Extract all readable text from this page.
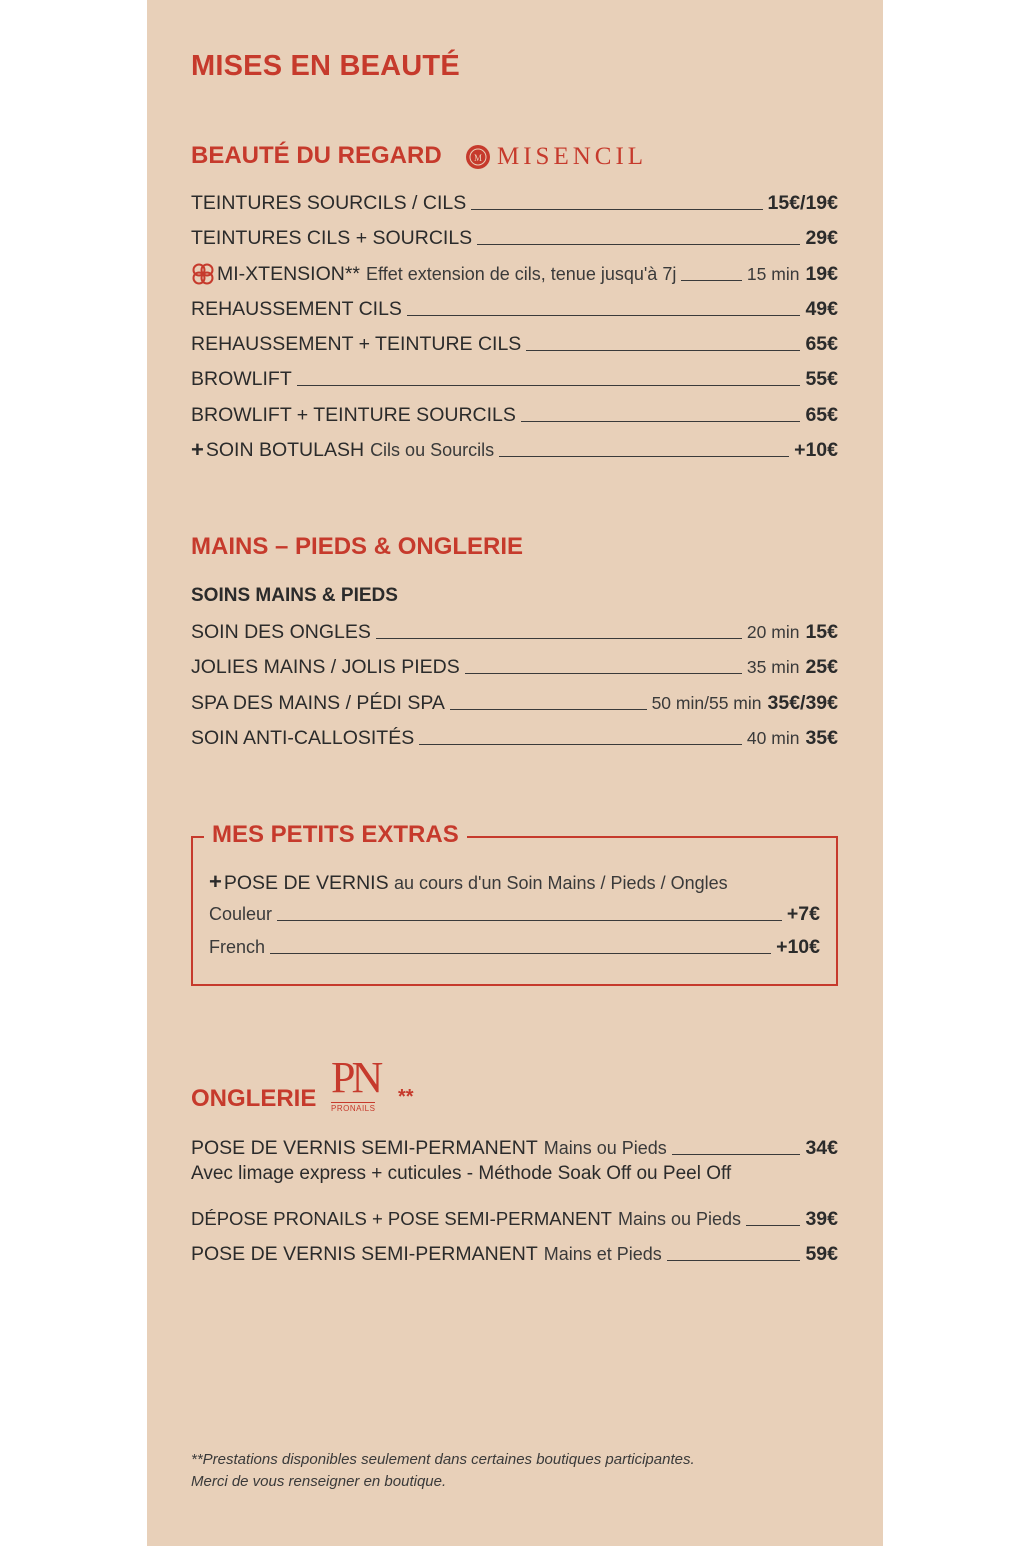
MISES EN BEAUTÉ
BEAUTÉ DU REGARD	M MISENCIL
TEINTURES SOURCILS / CILS	15€/19€
TEINTURES CILS + SOURCILS	29€
MI-XTENSION** Effet extension de cils, tenue jusqu'à 7j	15 min 19€
REHAUSSEMENT CILS	49€
REHAUSSEMENT + TEINTURE CILS	65€
BROWLIFT	55€
BROWLIFT + TEINTURE SOURCILS	65€
+ SOIN BOTULASH Cils ou Sourcils	+10€
MAINS – PIEDS & ONGLERIE
SOINS MAINS & PIEDS
SOIN DES ONGLES	20 min 15€
JOLIES MAINS / JOLIS PIEDS	35 min 25€
SPA DES MAINS / PÉDI SPA	50 min/55 min 35€/39€
SOIN ANTI-CALLOSITÉS	40 min 35€
MES PETITS EXTRAS
+ POSE DE VERNIS au cours d'un Soin Mains / Pieds / Ongles
Couleur	+7€
French	+10€
ONGLERIE PN
PRONAILS
**
POSE DE VERNIS SEMI-PERMANENT Mains ou Pieds	34€
Avec limage express + cuticules - Méthode Soak Off ou Peel Off
DÉPOSE PRONAILS + POSE SEMI-PERMANENT Mains ou Pieds	39€
POSE DE VERNIS SEMI-PERMANENT Mains et Pieds	59€
**Prestations disponibles seulement dans certaines boutiques participantes.
Merci de vous renseigner en boutique.
